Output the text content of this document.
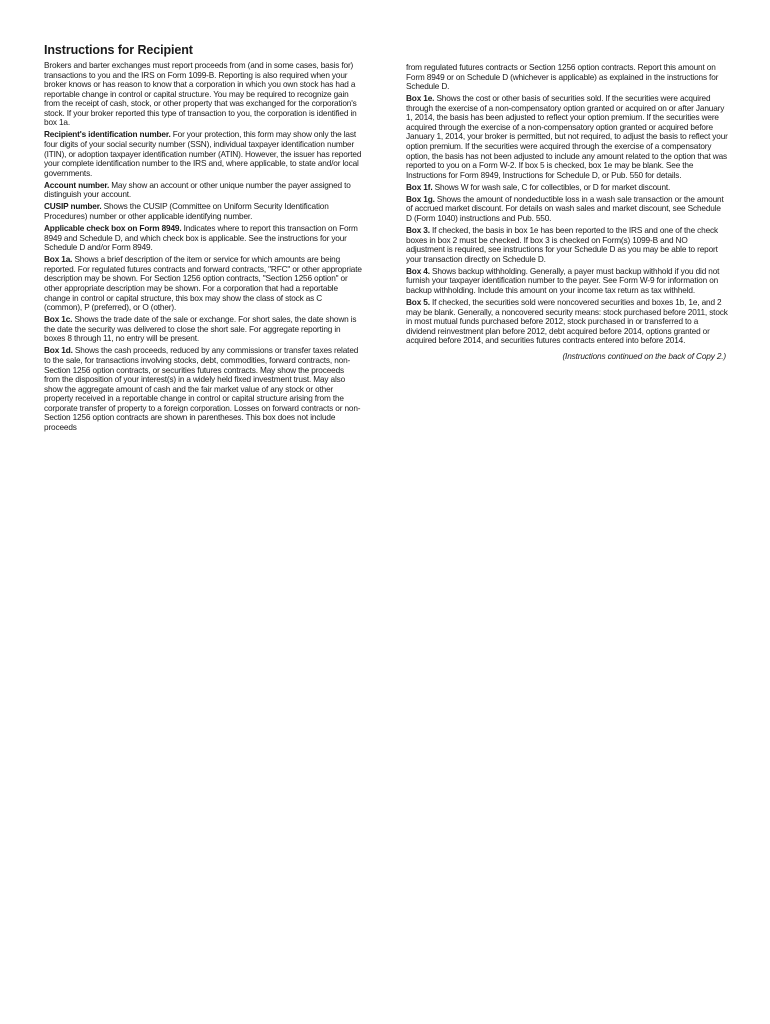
Instructions for Recipient

Brokers and barter exchanges must report proceeds from (and in some cases, basis for) transactions to you and the IRS on Form 1099-B. Reporting is also required when your broker knows or has reason to know that a corporation in which you own stock has had a reportable change in control or capital structure. You may be required to recognize gain from the receipt of cash, stock, or other property that was exchanged for the corporation's stock. If your broker reported this type of transaction to you, the corporation is identified in box 1a.

Recipient's identification number. For your protection, this form may show only the last four digits of your social security number (SSN), individual taxpayer identification number (ITIN), or adoption taxpayer identification number (ATIN). However, the issuer has reported your complete identification number to the IRS and, where applicable, to state and/or local governments.

Account number. May show an account or other unique number the payer assigned to distinguish your account.

CUSIP number. Shows the CUSIP (Committee on Uniform Security Identification Procedures) number or other applicable identifying number.

Applicable check box on Form 8949. Indicates where to report this transaction on Form 8949 and Schedule D, and which check box is applicable. See the instructions for your Schedule D and/or Form 8949.

Box 1a. Shows a brief description of the item or service for which amounts are being reported. For regulated futures contracts and forward contracts, "RFC" or other appropriate description may be shown. For Section 1256 option contracts, "Section 1256 option" or other appropriate description may be shown. For a corporation that had a reportable change in control or capital structure, this box may show the class of stock as C (common), P (preferred), or O (other).

Box 1c. Shows the trade date of the sale or exchange. For short sales, the date shown is the date the security was delivered to close the short sale. For aggregate reporting in boxes 8 through 11, no entry will be present.

Box 1d. Shows the cash proceeds, reduced by any commissions or transfer taxes related to the sale, for transactions involving stocks, debt, commodities, forward contracts, non-Section 1256 option contracts, or securities futures contracts. May show the proceeds from the disposition of your interest(s) in a widely held fixed investment trust. May also show the aggregate amount of cash and the fair market value of any stock or other property received in a reportable change in control or capital structure arising from the corporate transfer of property to a foreign corporation. Losses on forward contracts or non-Section 1256 option contracts are shown in parentheses. This box does not include proceeds

from regulated futures contracts or Section 1256 option contracts. Report this amount on Form 8949 or on Schedule D (whichever is applicable) as explained in the instructions for Schedule D.

Box 1e. Shows the cost or other basis of securities sold. If the securities were acquired through the exercise of a non-compensatory option granted or acquired on or after January 1, 2014, the basis has been adjusted to reflect your option premium. If the securities were acquired through the exercise of a non-compensatory option granted or acquired before January 1, 2014, your broker is permitted, but not required, to adjust the basis to reflect your option premium. If the securities were acquired through the exercise of a compensatory option, the basis has not been adjusted to include any amount related to the option that was reported to you on a Form W-2. If box 5 is checked, box 1e may be blank. See the Instructions for Form 8949, Instructions for Schedule D, or Pub. 550 for details.

Box 1f. Shows W for wash sale, C for collectibles, or D for market discount.

Box 1g. Shows the amount of nondeductible loss in a wash sale transaction or the amount of accrued market discount. For details on wash sales and market discount, see Schedule D (Form 1040) instructions and Pub. 550.

Box 3. If checked, the basis in box 1e has been reported to the IRS and one of the check boxes in box 2 must be checked. If box 3 is checked on Form(s) 1099-B and NO adjustment is required, see instructions for your Schedule D as you may be able to report your transaction directly on Schedule D.

Box 4. Shows backup withholding. Generally, a payer must backup withhold if you did not furnish your taxpayer identification number to the payer. See Form W-9 for information on backup withholding. Include this amount on your income tax return as tax withheld.

Box 5. If checked, the securities sold were noncovered securities and boxes 1b, 1e, and 2 may be blank. Generally, a noncovered security means: stock purchased before 2011, stock in most mutual funds purchased before 2012, stock purchased in or transferred to a dividend reinvestment plan before 2012, debt acquired before 2014, options granted or acquired before 2014, and securities futures contracts entered into before 2014.

(Instructions continued on the back of Copy 2.)
